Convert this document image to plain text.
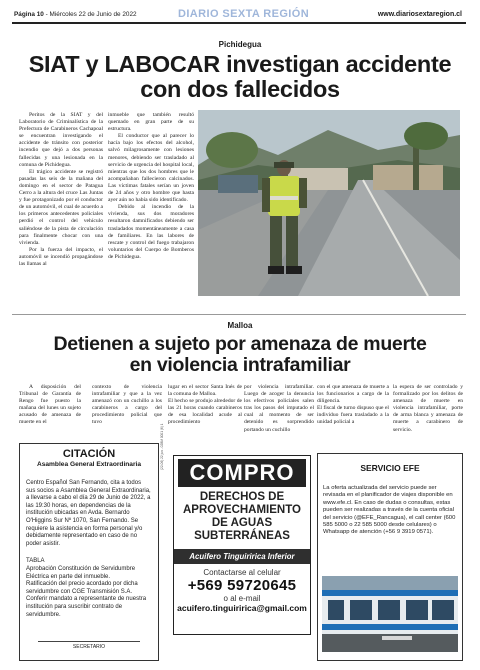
Página 10 - Miércoles 22 de Junio de 2022	DIARIO SEXTA REGIÓN	www.diariosextaregion.cl
Pichidegua
SIAT y LABOCAR investigan accidente
con dos fallecidos

Peritos de la SIAT y del Laboratorio de Criminalística de la Prefectura de Carabineros Cachapoal se encuentran investigando el accidente de tránsito con posterior incendio que dejó a dos personas fallecidas y una lesionada en la comuna de Pichidegua.

El trágico accidente se registró pasadas las seis de la mañana del domingo en el sector de Patagua Cerro a la altura del cruce Las Juntas y fue protagonizado por el conductor de un automóvil, el cual de acuerdo a los primeros antecedentes policiales perdió el control del vehículo saliéndose de la pista de circulación para finalmente chocar con una vivienda.

Por la fuerza del impacto, el automóvil se incendió propagándose las llamas al

inmueble que también resultó quemado en gran parte de su estructura.

El conductor que al parecer lo hacía bajo los efectos del alcohol, salvó milagrosamente con lesiones menores, debiendo ser trasladado al servicio de urgencia del hospital local, mientras que los dos hombres que le acompañaban fallecieron calcinados. Las víctimas fatales serían un joven de 24 años y otro hombre que hasta ayer aún no había sido identificado.

Debido al incendio de la vivienda, sus dos moradores resultaron damnificados debiendo ser trasladados momentáneamente a casa de familiares. En las labores de rescate y control del fuego trabajaron voluntarios del Cuerpo de Bomberos de Pichidegua.

Malloa
Detienen a sujeto por amenaza de muerte
en violencia intrafamiliar
A disposición del Tribunal de Garantía de Rengo fue puesto la mañana del lunes un sujeto acusado de amenaza de muerte en el
contexto de violencia intrafamiliar y que a la vez amenazó con un cuchillo a los carabineros a cargo del procedimiento policial que tuvo
lugar en el sector Santa Inés de la comuna de Malloa.
El hecho se produjo alrededor de las 21 horas cuando carabineros de esa localidad acude al procedimiento
por violencia intrafamiliar. Luego de acoger la denuncia los efectivos policiales salen tras los pasos del imputado el cual al momento de ser detenido es sorprendido portando un cuchillo
con el que amenaza de muerte a los funcionarios a cargo de la diligencia.
El fiscal de turno dispuso que el individuo fuera trasladado a la unidad policial a
la espera de ser controlado y formalizado por los delitos de amenaza de muerte en violencia intrafamiliar, porte de arma blanca y amenaza de muerte a carabinero de servicio.
CITACIÓN
Asamblea General Extraordinaria
Centro Español San Fernando, cita a todos sus socios a Asamblea General Extraordinaria, a llevarse a cabo el día 29 de Junio de 2022, a las 19:30 horas, en dependencias de la institución ubicadas en Avda. Bernardo O'Higgins Sur Nº 1070, San Fernando. Se requiere la asistencia en forma personal y/o debidamente representado en caso de no poder asistir.
TABLA
Aprobación Constitución de Servidumbre Eléctrica en parte del inmueble.
Ratificación del precio acordado por dicha servidumbre con CGE Transmisión S.A.
Conferir mandato a representante de nuestra institución para suscribir contrato de servidumbre.
SECRETARIO
(22-06) 22 jun - 02BM 0001 (6) 1
COMPRO
DERECHOS DE
APROVECHAMIENTO
DE AGUAS
SUBTERRÁNEAS
Acuifero Tinguiririca Inferior
Contactarse al celular
+569 59720645
o al e-mail
acuifero.tinguiririca@gmail.com
SERVICIO EFE
La oferta actualizada del servicio puede ser revisada en el planificador de viajes disponible en www.efe.cl. En caso de dudas o consultas, estas pueden ser realizadas a través de la cuenta oficial del servicio (@EFE_Rancagua), el call center (600 585 5000 o 22 585 5000 desde celulares) o Whatsapp de atención (+56 9 3919 0571).
